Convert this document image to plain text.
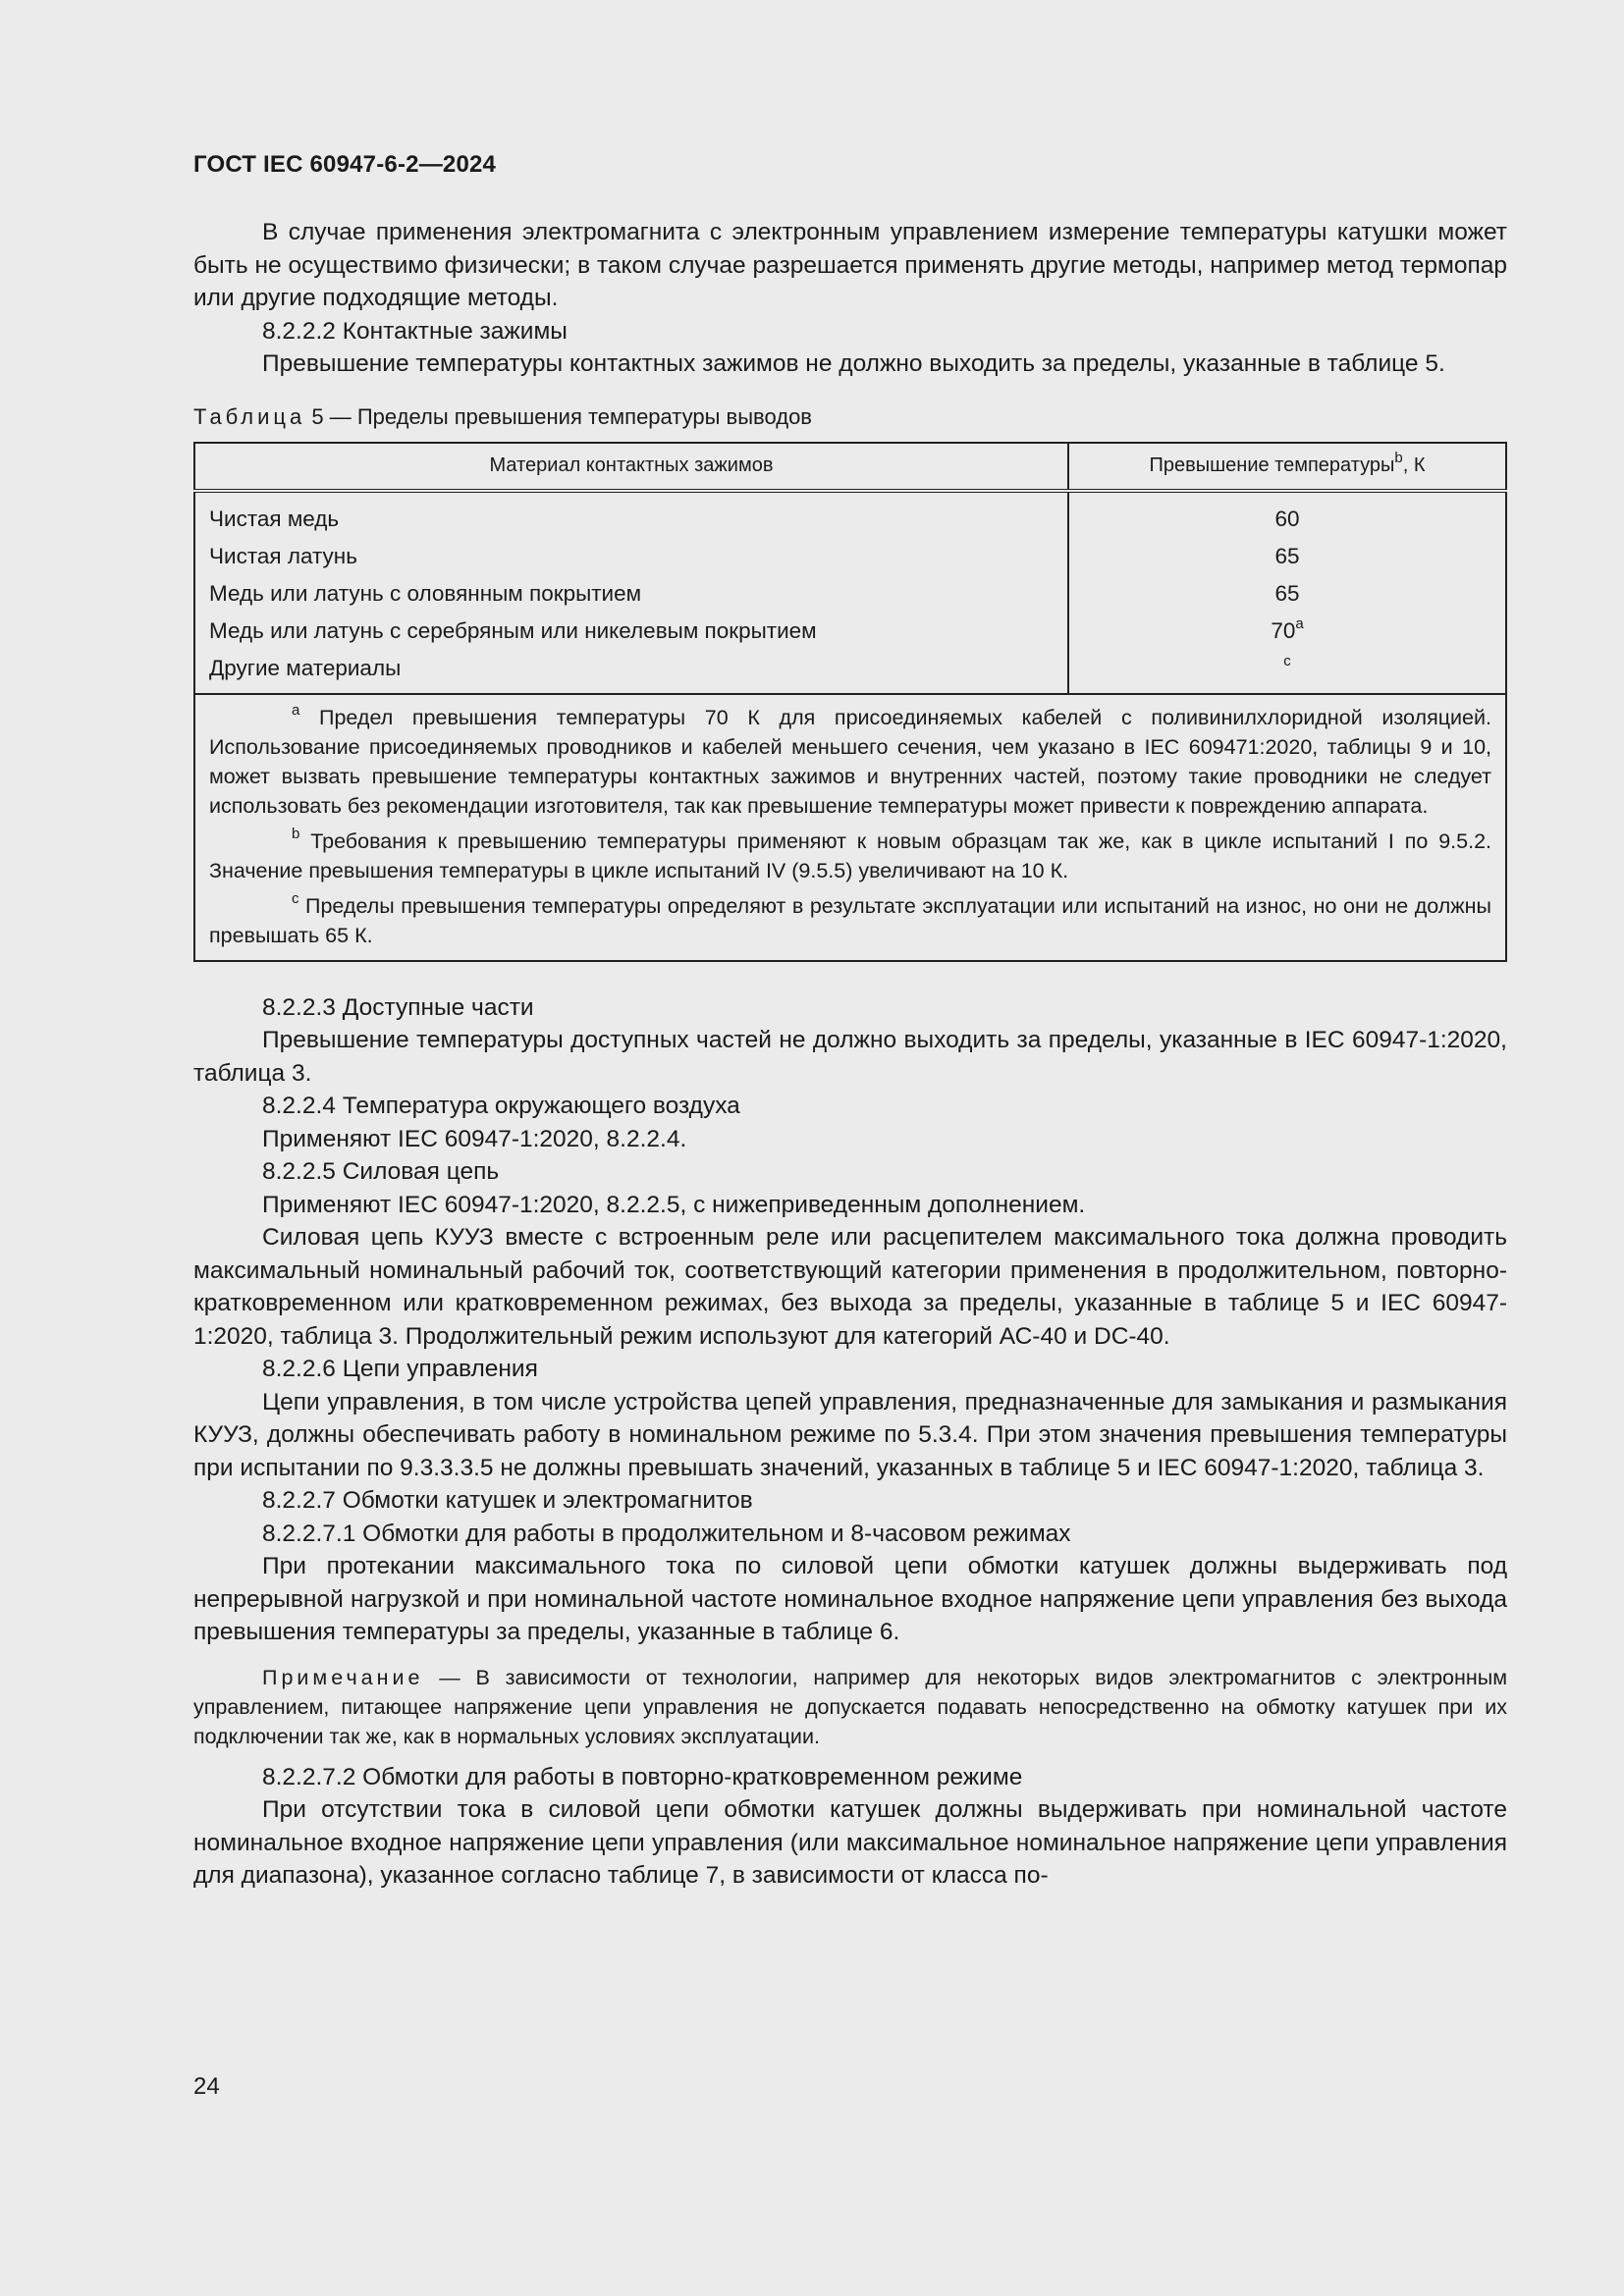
ГОСТ IEC 60947-6-2—2024

В случае применения электромагнита с электронным управлением измерение температуры катушки может быть не осуществимо физически; в таком случае разрешается применять другие методы, например метод термопар или другие подходящие методы.

8.2.2.2 Контактные зажимы

Превышение температуры контактных зажимов не должно выходить за пределы, указанные в таблице 5.

Таблица 5 — Пределы превышения температуры выводов
Материал контактных зажимов	Превышение температуры$^b$, К
Чистая медь	60
Чистая латунь	65
Медь или латунь с оловянным покрытием	65
Медь или латунь с серебряным или никелевым покрытием	70$^a$
Другие материалы	$^c$

$^a$ Предел превышения температуры 70 К для присоединяемых кабелей с поливинилхлоридной изоляцией. Использование присоединяемых проводников и кабелей меньшего сечения, чем указано в IEC 609471:2020, таблицы 9 и 10, может вызвать превышение температуры контактных зажимов и внутренних частей, поэтому такие проводники не следует использовать без рекомендации изготовителя, так как превышение температуры может привести к повреждению аппарата.

$^b$ Требования к превышению температуры применяют к новым образцам так же, как в цикле испытаний I по 9.5.2. Значение превышения температуры в цикле испытаний IV (9.5.5) увеличивают на 10 К.

$^c$ Пределы превышения температуры определяют в результате эксплуатации или испытаний на износ, но они не должны превышать 65 К.	

8.2.2.3 Доступные части

Превышение температуры доступных частей не должно выходить за пределы, указанные в IEC 60947-1:2020, таблица 3.

8.2.2.4 Температура окружающего воздуха

Применяют IEC 60947-1:2020, 8.2.2.4.

8.2.2.5 Силовая цепь

Применяют IEC 60947-1:2020, 8.2.2.5, с нижеприведенным дополнением.

Силовая цепь КУУЗ вместе с встроенным реле или расцепителем максимального тока должна проводить максимальный номинальный рабочий ток, соответствующий категории применения в продолжительном, повторно-кратковременном или кратковременном режимах, без выхода за пределы, указанные в таблице 5 и IEC 60947-1:2020, таблица 3. Продолжительный режим используют для категорий АС-40 и DC-40.

8.2.2.6 Цепи управления

Цепи управления, в том числе устройства цепей управления, предназначенные для замыкания и размыкания КУУЗ, должны обеспечивать работу в номинальном режиме по 5.3.4. При этом значения превышения температуры при испытании по 9.3.3.3.5 не должны превышать значений, указанных в таблице 5 и IEC 60947-1:2020, таблица 3.

8.2.2.7 Обмотки катушек и электромагнитов

8.2.2.7.1 Обмотки для работы в продолжительном и 8-часовом режимах

При протекании максимального тока по силовой цепи обмотки катушек должны выдерживать под непрерывной нагрузкой и при номинальной частоте номинальное входное напряжение цепи управления без выхода превышения температуры за пределы, указанные в таблице 6.

Примечание — В зависимости от технологии, например для некоторых видов электромагнитов с электронным управлением, питающее напряжение цепи управления не допускается подавать непосредственно на обмотку катушек при их подключении так же, как в нормальных условиях эксплуатации.

8.2.2.7.2 Обмотки для работы в повторно-кратковременном режиме

При отсутствии тока в силовой цепи обмотки катушек должны выдерживать при номинальной частоте номинальное входное напряжение цепи управления (или максимальное номинальное напряжение цепи управления для диапазона), указанное согласно таблице 7, в зависимости от класса по-

24
